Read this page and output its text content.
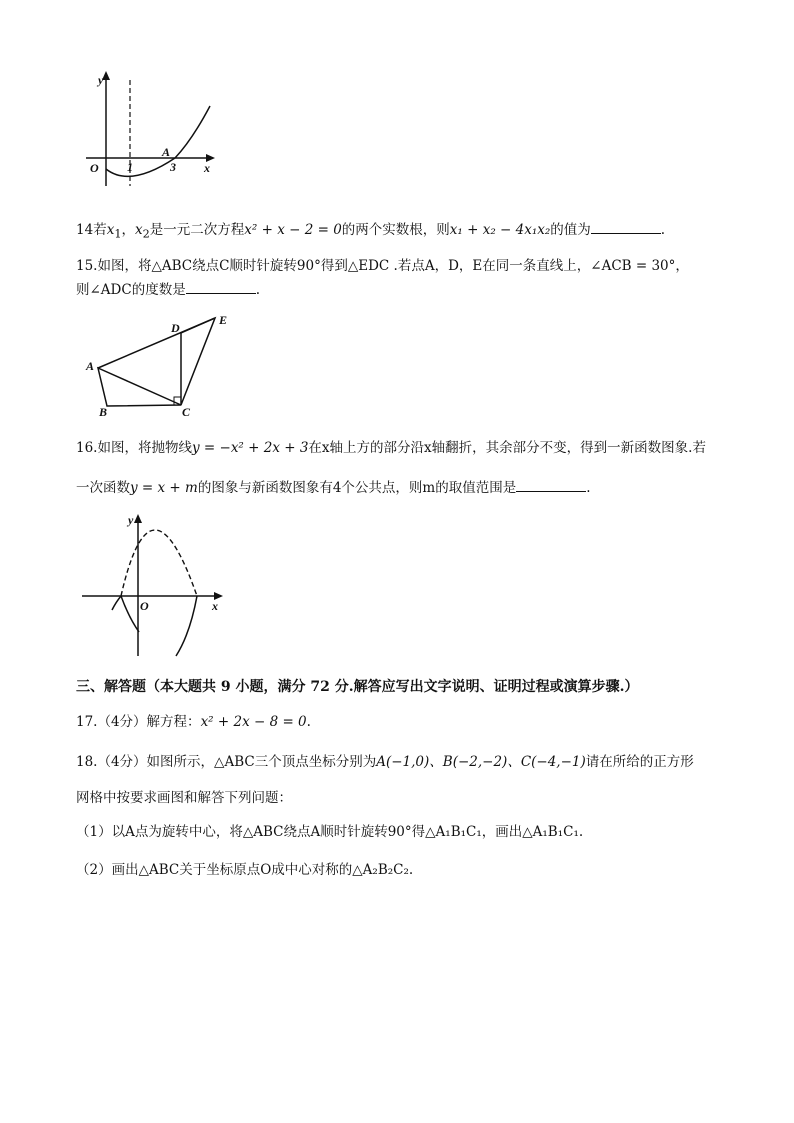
y
x
O 1
A
3
14若$x_1$，$x_2$是一元二次方程x² + x − 2 = 0的两个实数根，则x₁ + x₂ − 4x₁x₂的值为	.
15.如图，将△ABC绕点C顺时针旋转90°得到△EDC .若点A，D，E在同一条直线上，∠ACB = 30°，
则∠ADC的度数是	.
A
B	C
D
E
16.如图，将抛物线y = −x² + 2x + 3在x轴上方的部分沿x轴翻折，其余部分不变，得到一新函数图象.若
一次函数y = x + m的图象与新函数图象有4个公共点，则m的取值范围是	.
y
x
O
三、解答题（本大题共 9 小题，满分 72 分.解答应写出文字说明、证明过程或演算步骤.）
17.（4分）解方程：x² + 2x − 8 = 0.
18.（4分）如图所示，△ABC三个顶点坐标分别为A(−1,0)、B(−2,−2)、C(−4,−1)请在所给的正方形
网格中按要求画图和解答下列问题：
（1）以A点为旋转中心，将△ABC绕点A顺时针旋转90°得△A₁B₁C₁，画出△A₁B₁C₁.
（2）画出△ABC关于坐标原点O成中心对称的△A₂B₂C₂.
